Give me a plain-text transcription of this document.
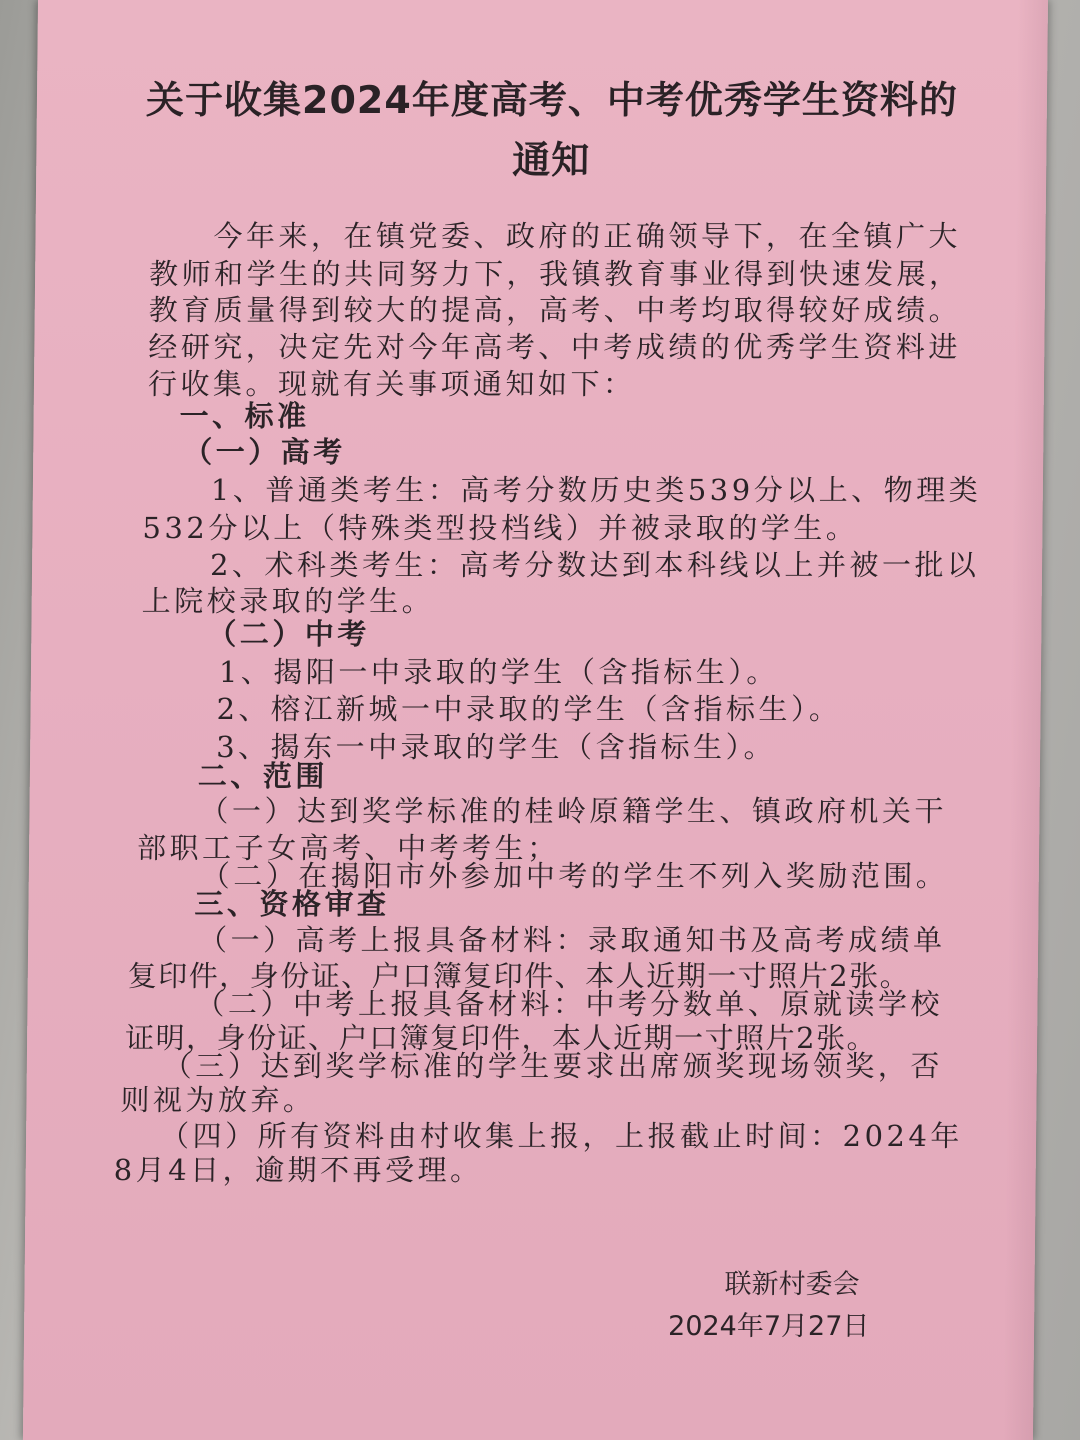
关于收集2024年度高考、中考优秀学生资料的通知
今年来，在镇党委、政府的正确领导下，在全镇广大
教师和学生的共同努力下，我镇教育事业得到快速发展，
教育质量得到较大的提高，高考、中考均取得较好成绩。
经研究，决定先对今年高考、中考成绩的优秀学生资料进
行收集。现就有关事项通知如下：
一、标准
（一）高考
1、普通类考生：高考分数历史类539分以上、物理类
532分以上（特殊类型投档线）并被录取的学生。
2、术科类考生：高考分数达到本科线以上并被一批以
上院校录取的学生。
（二）中考
1、揭阳一中录取的学生（含指标生）。
2、榕江新城一中录取的学生（含指标生）。
3、揭东一中录取的学生（含指标生）。
二、范围
（一）达到奖学标准的桂岭原籍学生、镇政府机关干
部职工子女高考、中考考生；
（二）在揭阳市外参加中考的学生不列入奖励范围。
三、资格审查
（一）高考上报具备材料：录取通知书及高考成绩单
复印件，身份证、户口簿复印件、本人近期一寸照片2张。
（二）中考上报具备材料：中考分数单、原就读学校
证明，身份证、户口簿复印件，本人近期一寸照片2张。
（三）达到奖学标准的学生要求出席颁奖现场领奖，否
则视为放弃。
（四）所有资料由村收集上报，上报截止时间：2024年
8月4日，逾期不再受理。
联新村委会
2024年7月27日
